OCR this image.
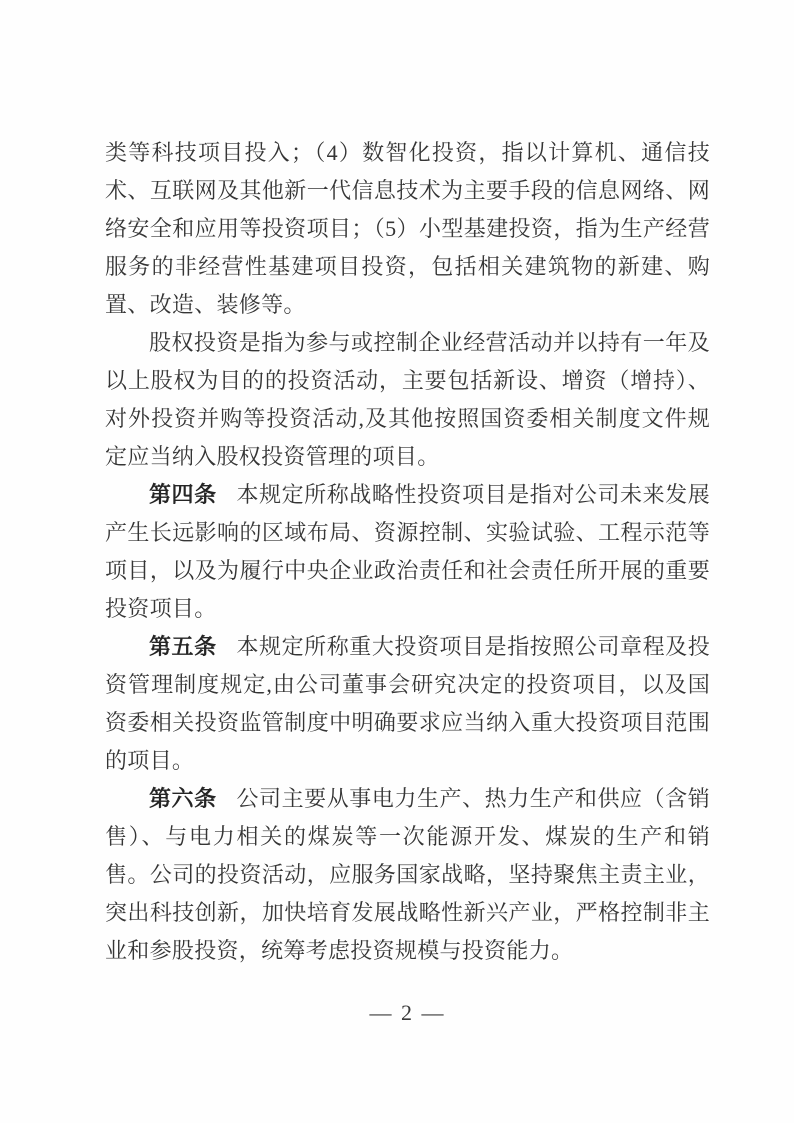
类等科技项目投入；（4）数智化投资，指以计算机、通信技术、互联网及其他新一代信息技术为主要手段的信息网络、网络安全和应用等投资项目；（5）小型基建投资，指为生产经营服务的非经营性基建项目投资，包括相关建筑物的新建、购置、改造、装修等。

股权投资是指为参与或控制企业经营活动并以持有一年及以上股权为目的的投资活动，主要包括新设、增资（增持）、对外投资并购等投资活动,及其他按照国资委相关制度文件规定应当纳入股权投资管理的项目。

第四条 本规定所称战略性投资项目是指对公司未来发展产生长远影响的区域布局、资源控制、实验试验、工程示范等项目，以及为履行中央企业政治责任和社会责任所开展的重要投资项目。

第五条 本规定所称重大投资项目是指按照公司章程及投资管理制度规定,由公司董事会研究决定的投资项目，以及国资委相关投资监管制度中明确要求应当纳入重大投资项目范围的项目。

第六条 公司主要从事电力生产、热力生产和供应（含销售）、与电力相关的煤炭等一次能源开发、煤炭的生产和销售。公司的投资活动，应服务国家战略，坚持聚焦主责主业，突出科技创新，加快培育发展战略性新兴产业，严格控制非主业和参股投资，统筹考虑投资规模与投资能力。

— 2 —
